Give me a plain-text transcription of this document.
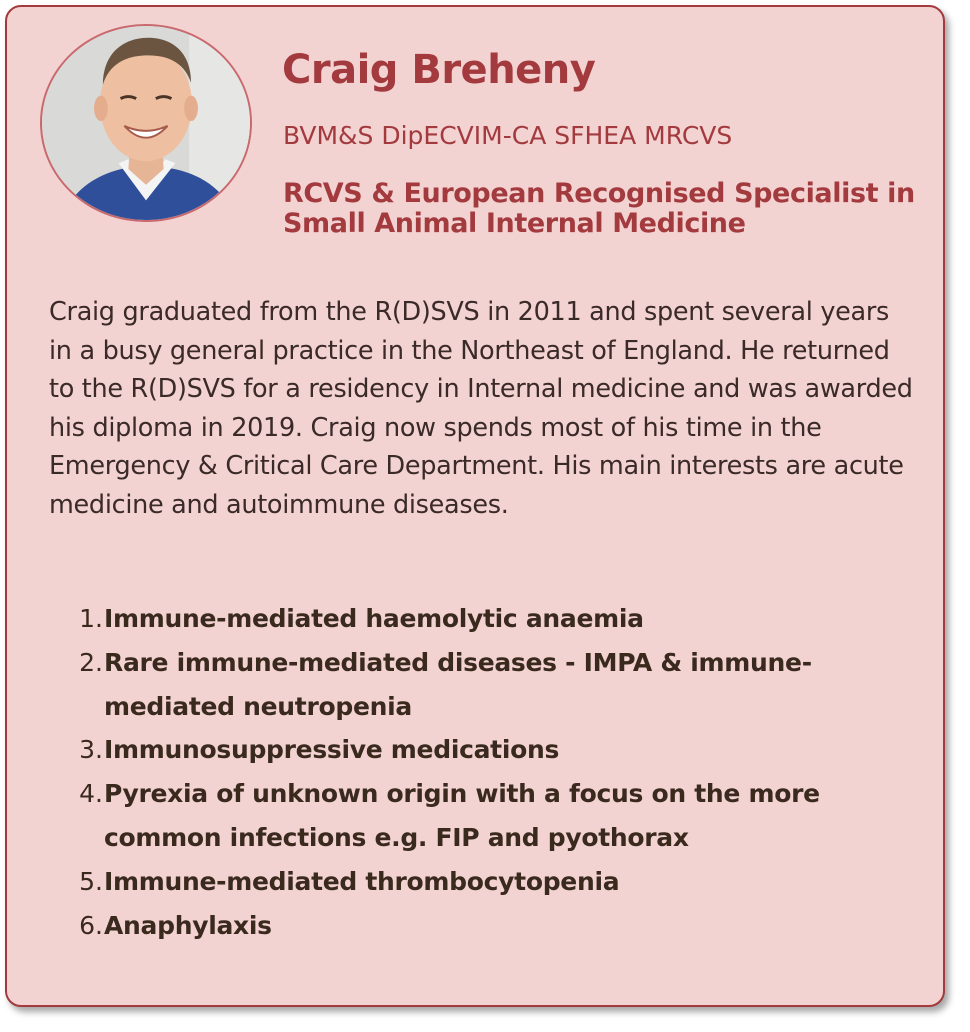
Craig Breheny

BVM&S DipECVIM-CA SFHEA MRCVS

RCVS & European Recognised Specialist in Small Animal Internal Medicine

Craig graduated from the R(D)SVS in 2011 and spent several years in a busy general practice in the Northeast of England. He returned to the R(D)SVS for a residency in Internal medicine and was awarded his diploma in 2019. Craig now spends most of his time in the Emergency & Critical Care Department. His main interests are acute medicine and autoimmune diseases.

1. Immune-mediated haemolytic anaemia
2. Rare immune-mediated diseases - IMPA & immune-mediated neutropenia
3. Immunosuppressive medications
4. Pyrexia of unknown origin with a focus on the more common infections e.g. FIP and pyothorax
5. Immune-mediated thrombocytopenia
6. Anaphylaxis
